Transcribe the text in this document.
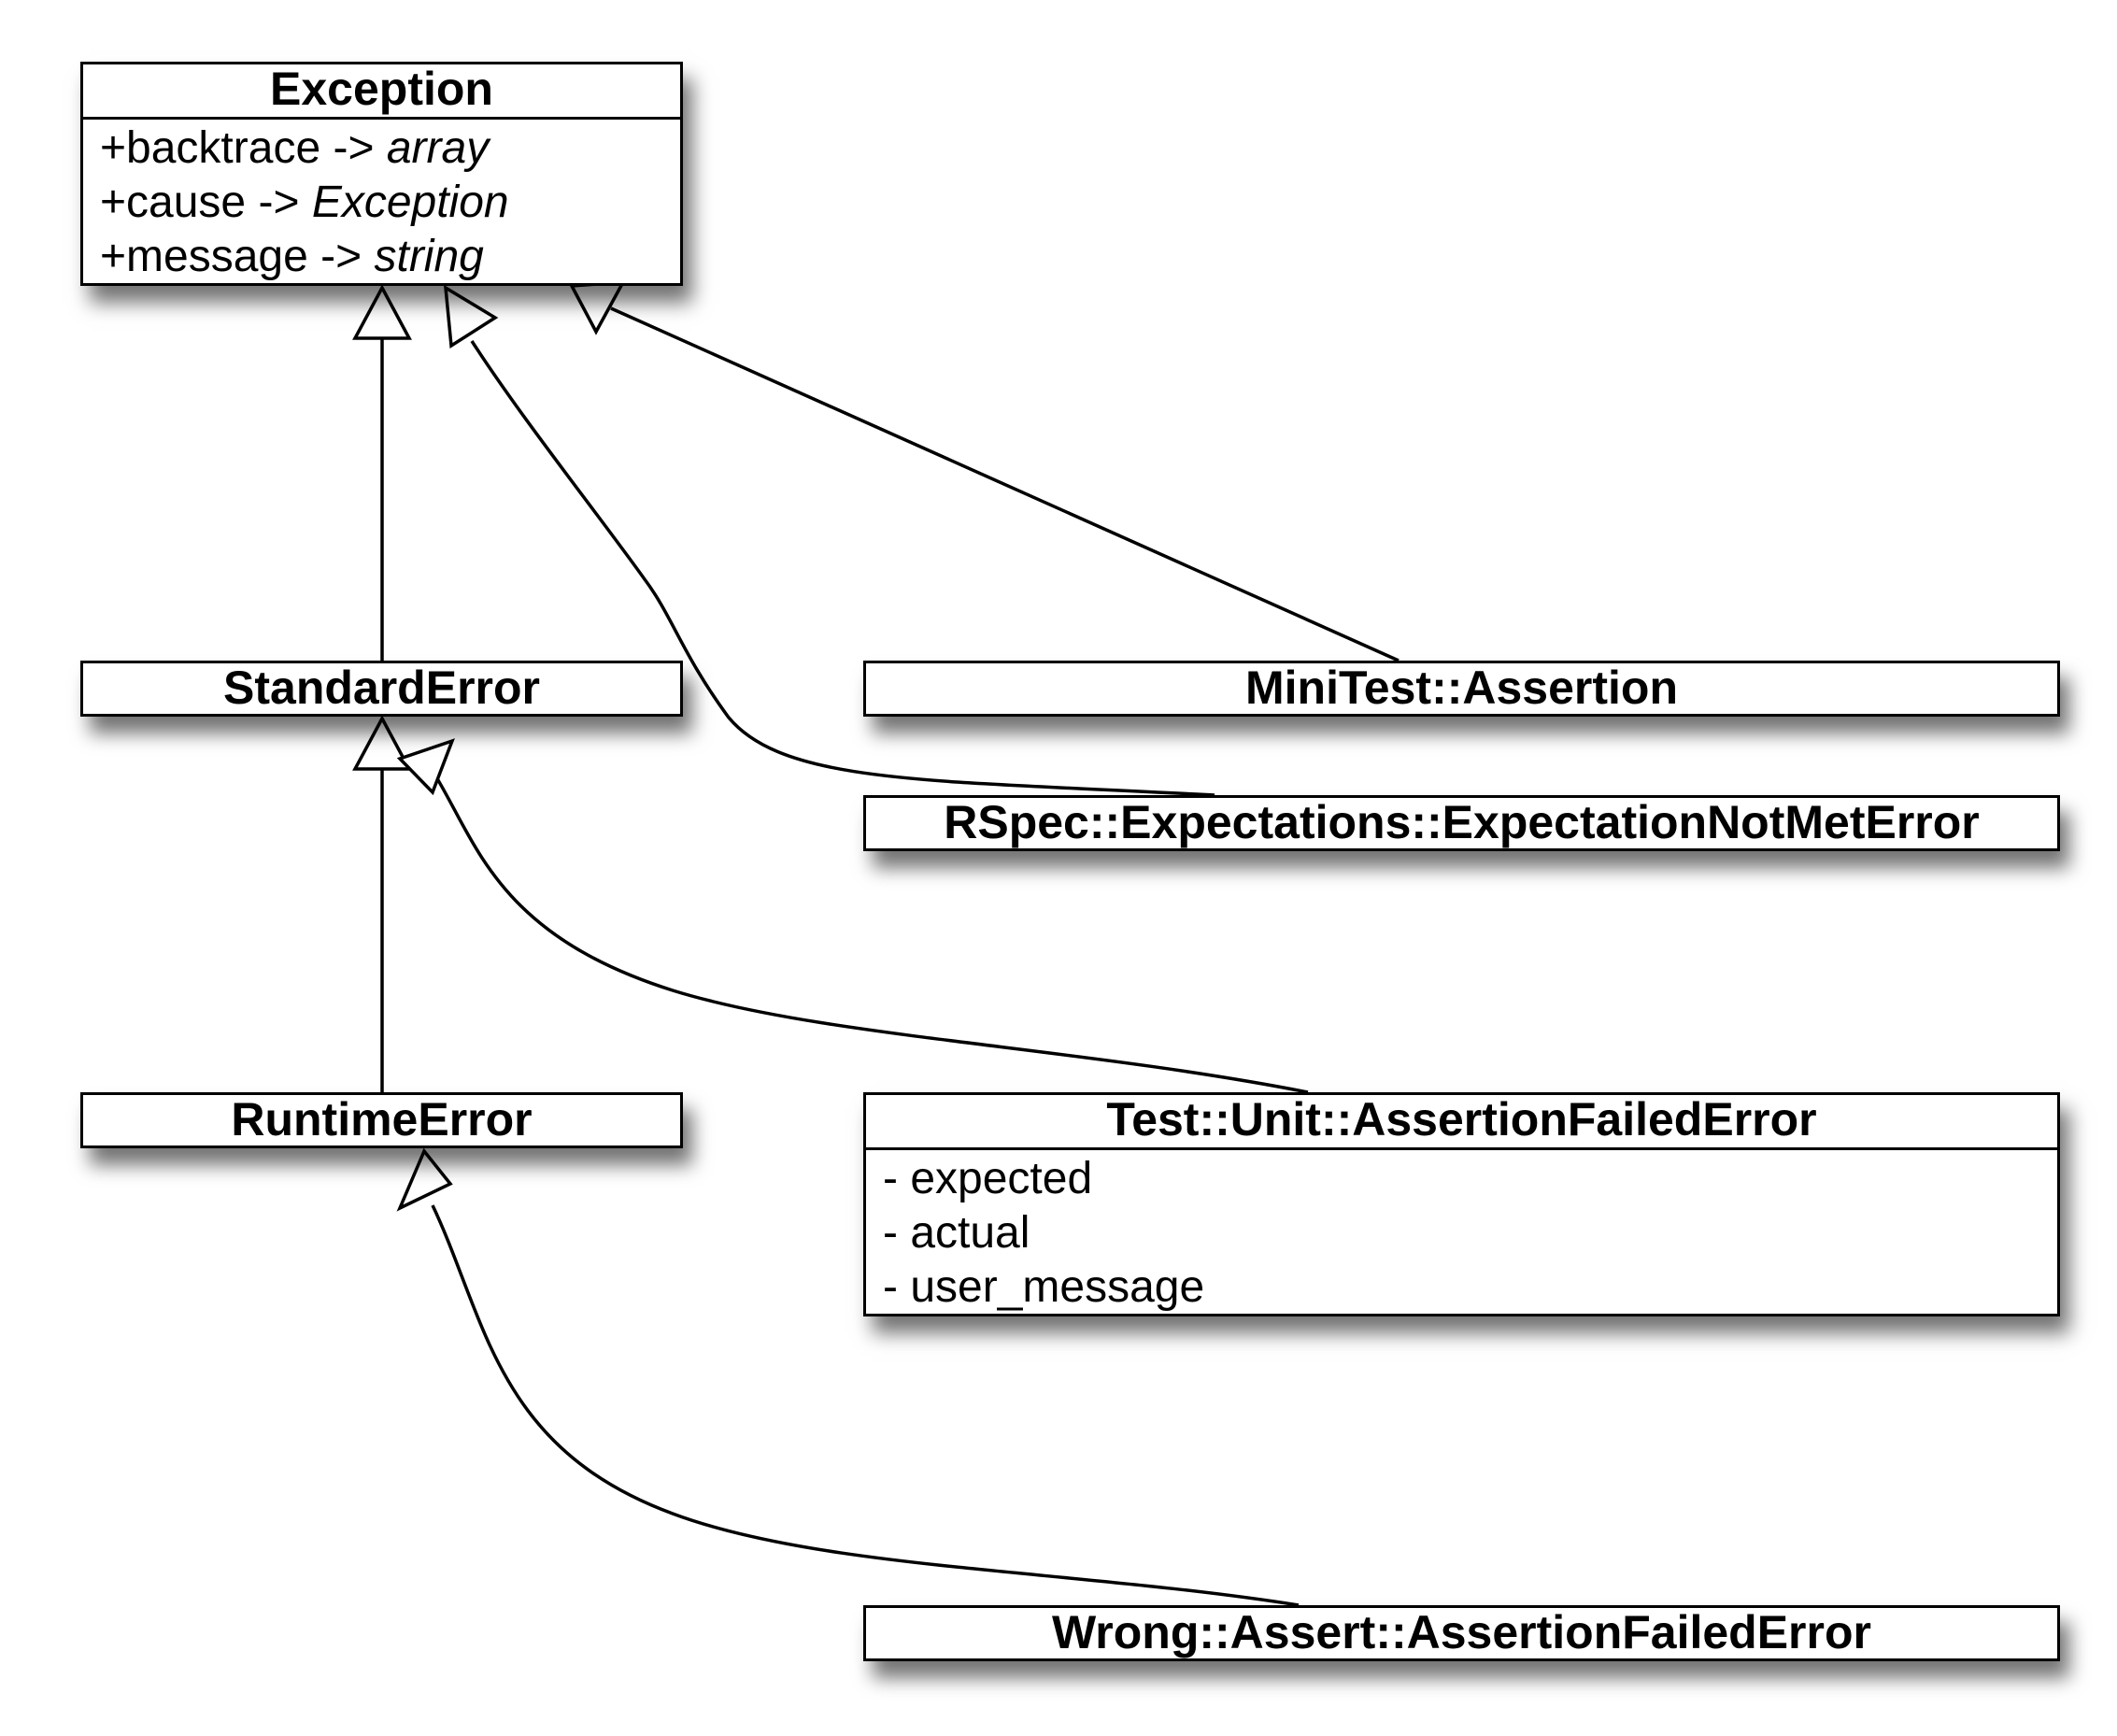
Exception
+backtrace -> array
+cause -> Exception
+message -> string
StandardError
RuntimeError
MiniTest::Assertion
RSpec::Expectations::ExpectationNotMetError
Test::Unit::AssertionFailedError
- expected
- actual
- user_message
Wrong::Assert::AssertionFailedError
